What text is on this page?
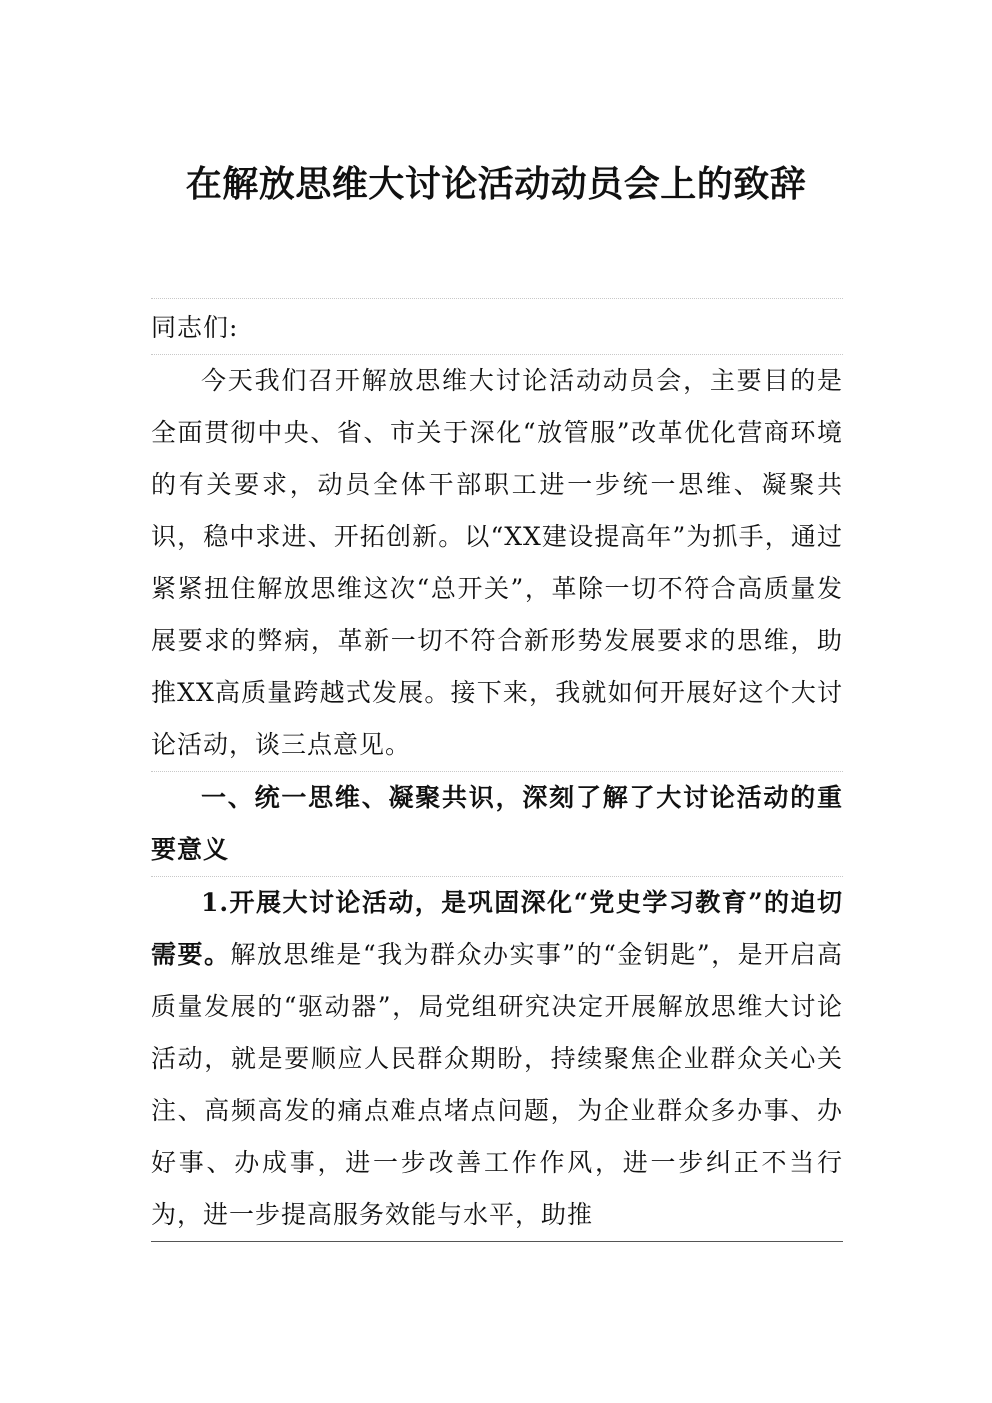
在解放思维大讨论活动动员会上的致辞

同志们:

今天我们召开解放思维大讨论活动动员会，主要目的是全面贯彻中央、省、市关于深化“放管服”改革优化营商环境的有关要求，动员全体干部职工进一步统一思维、凝聚共识，稳中求进、开拓创新。以“XX建设提高年”为抓手，通过紧紧扭住解放思维这次“总开关”，革除一切不符合高质量发展要求的弊病，革新一切不符合新形势发展要求的思维，助推XX高质量跨越式发展。接下来，我就如何开展好这个大讨论活动，谈三点意见。

一、统一思维、凝聚共识，深刻了解了大讨论活动的重要意义

1.开展大讨论活动，是巩固深化“党史学习教育”的迫切需要。解放思维是“我为群众办实事”的“金钥匙”，是开启高质量发展的“驱动器”，局党组研究决定开展解放思维大讨论活动，就是要顺应人民群众期盼，持续聚焦企业群众关心关注、高频高发的痛点难点堵点问题，为企业群众多办事、办好事、办成事，进一步改善工作作风，进一步纠正不当行为，进一步提高服务效能与水平，助推
